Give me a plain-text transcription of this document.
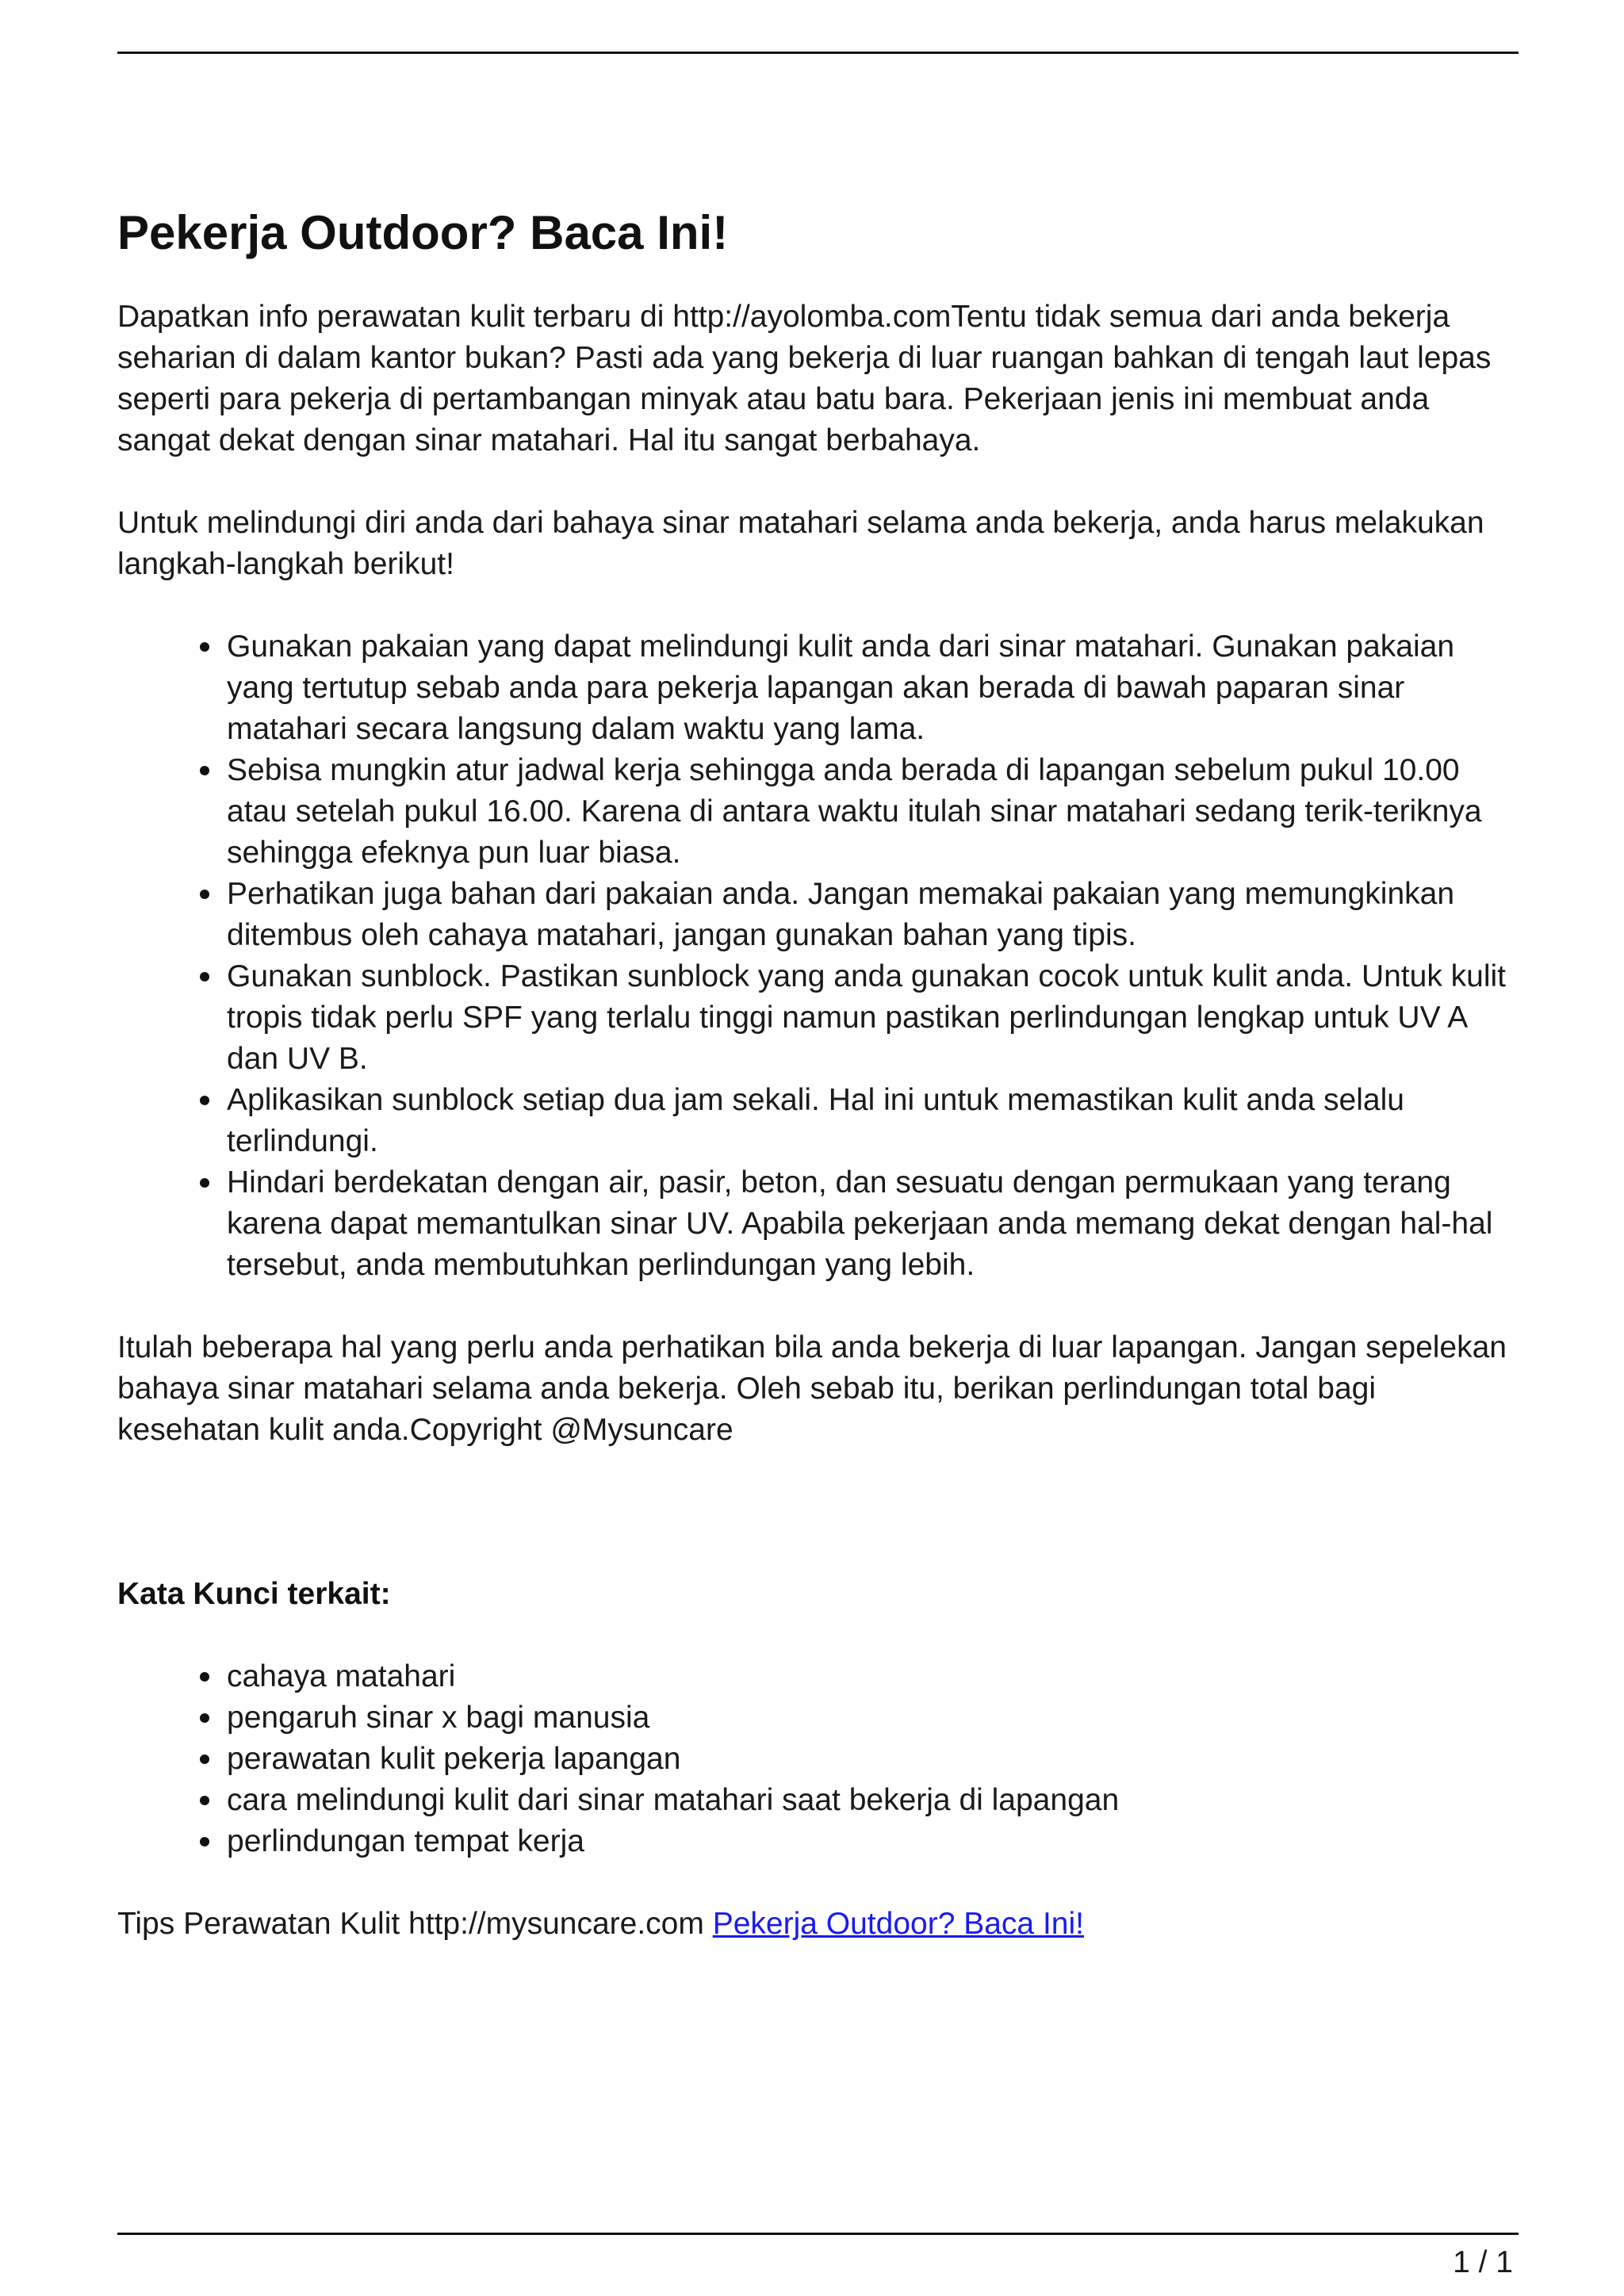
Pekerja Outdoor? Baca Ini!

Dapatkan info perawatan kulit terbaru di http://ayolomba.comTentu tidak semua dari anda bekerja seharian di dalam kantor bukan? Pasti ada yang bekerja di luar ruangan bahkan di tengah laut lepas seperti para pekerja di pertambangan minyak atau batu bara. Pekerjaan jenis ini membuat anda sangat dekat dengan sinar matahari. Hal itu sangat berbahaya.

Untuk melindungi diri anda dari bahaya sinar matahari selama anda bekerja, anda harus melakukan langkah-langkah berikut!

Gunakan pakaian yang dapat melindungi kulit anda dari sinar matahari. Gunakan pakaian yang tertutup sebab anda para pekerja lapangan akan berada di bawah paparan sinar matahari secara langsung dalam waktu yang lama.
Sebisa mungkin atur jadwal kerja sehingga anda berada di lapangan sebelum pukul 10.00 atau setelah pukul 16.00. Karena di antara waktu itulah sinar matahari sedang terik-teriknya sehingga efeknya pun luar biasa.
Perhatikan juga bahan dari pakaian anda. Jangan memakai pakaian yang memungkinkan ditembus oleh cahaya matahari, jangan gunakan bahan yang tipis.
Gunakan sunblock. Pastikan sunblock yang anda gunakan cocok untuk kulit anda. Untuk kulit tropis tidak perlu SPF yang terlalu tinggi namun pastikan perlindungan lengkap untuk UV A dan UV B.
Aplikasikan sunblock setiap dua jam sekali. Hal ini untuk memastikan kulit anda selalu terlindungi.
Hindari berdekatan dengan air, pasir, beton, dan sesuatu dengan permukaan yang terang karena dapat memantulkan sinar UV. Apabila pekerjaan anda memang dekat dengan hal-hal tersebut, anda membutuhkan perlindungan yang lebih.

Itulah beberapa hal yang perlu anda perhatikan bila anda bekerja di luar lapangan. Jangan sepelekan bahaya sinar matahari selama anda bekerja. Oleh sebab itu, berikan perlindungan total bagi kesehatan kulit anda.Copyright @Mysuncare

Kata Kunci terkait:
cahaya matahari
pengaruh sinar x bagi manusia
perawatan kulit pekerja lapangan
cara melindungi kulit dari sinar matahari saat bekerja di lapangan
perlindungan tempat kerja

Tips Perawatan Kulit http://mysuncare.com Pekerja Outdoor? Baca Ini!

1 / 1
